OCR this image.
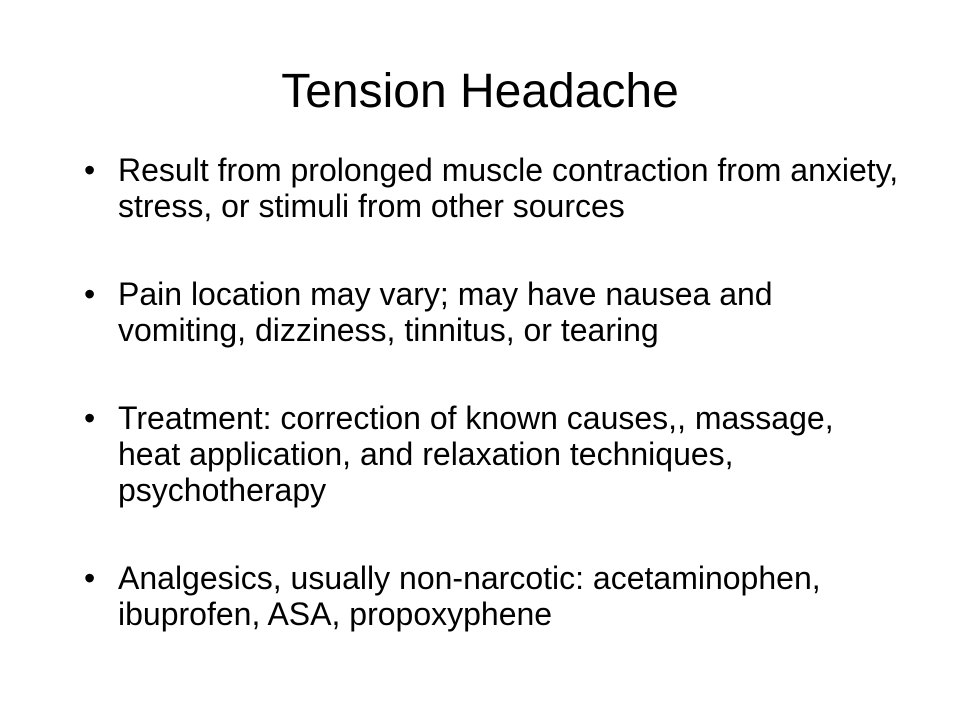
Tension Headache
• Result from prolonged muscle contraction from anxiety, stress, or stimuli from other sources
• Pain location may vary; may have nausea and vomiting, dizziness, tinnitus, or tearing
• Treatment: correction of known causes,, massage, heat application, and relaxation techniques, psychotherapy
• Analgesics, usually non-narcotic: acetaminophen, ibuprofen, ASA, propoxyphene
